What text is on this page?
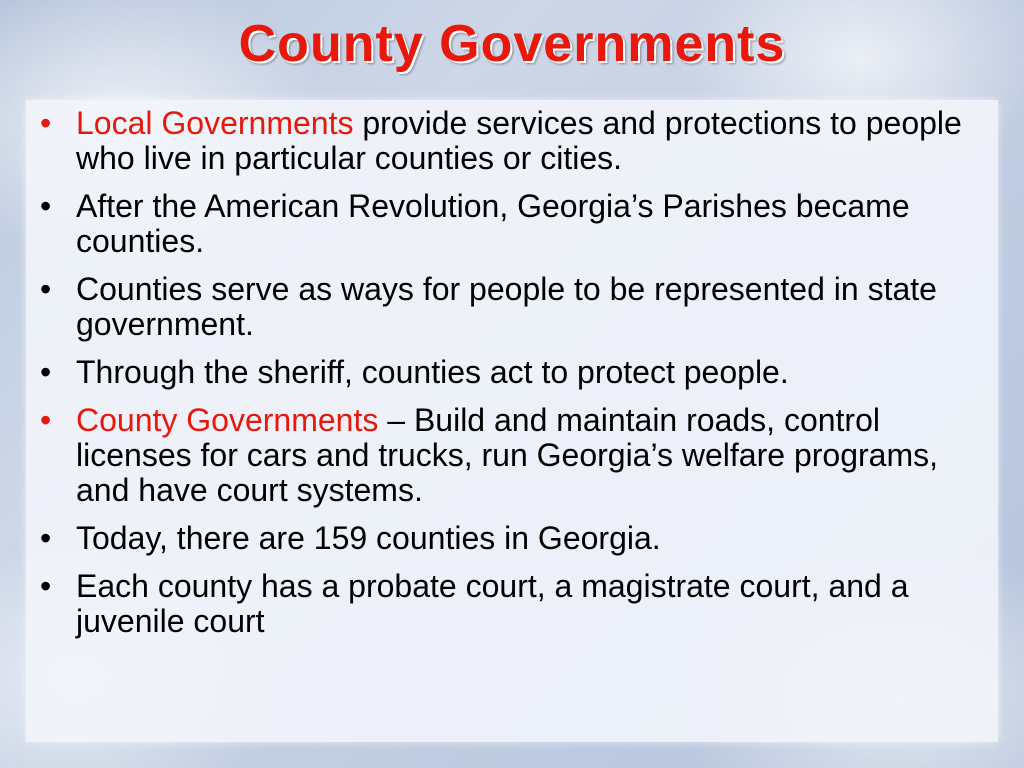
County Governments
• Local Governments provide services and protections to people who live in particular counties or cities.
• After the American Revolution, Georgia’s Parishes became counties.
• Counties serve as ways for people to be represented in state government.
• Through the sheriff, counties act to protect people.
• County Governments – Build and maintain roads, control licenses for cars and trucks, run Georgia’s welfare programs, and have court systems.
• Today, there are 159 counties in Georgia.
• Each county has a probate court, a magistrate court, and a juvenile court
